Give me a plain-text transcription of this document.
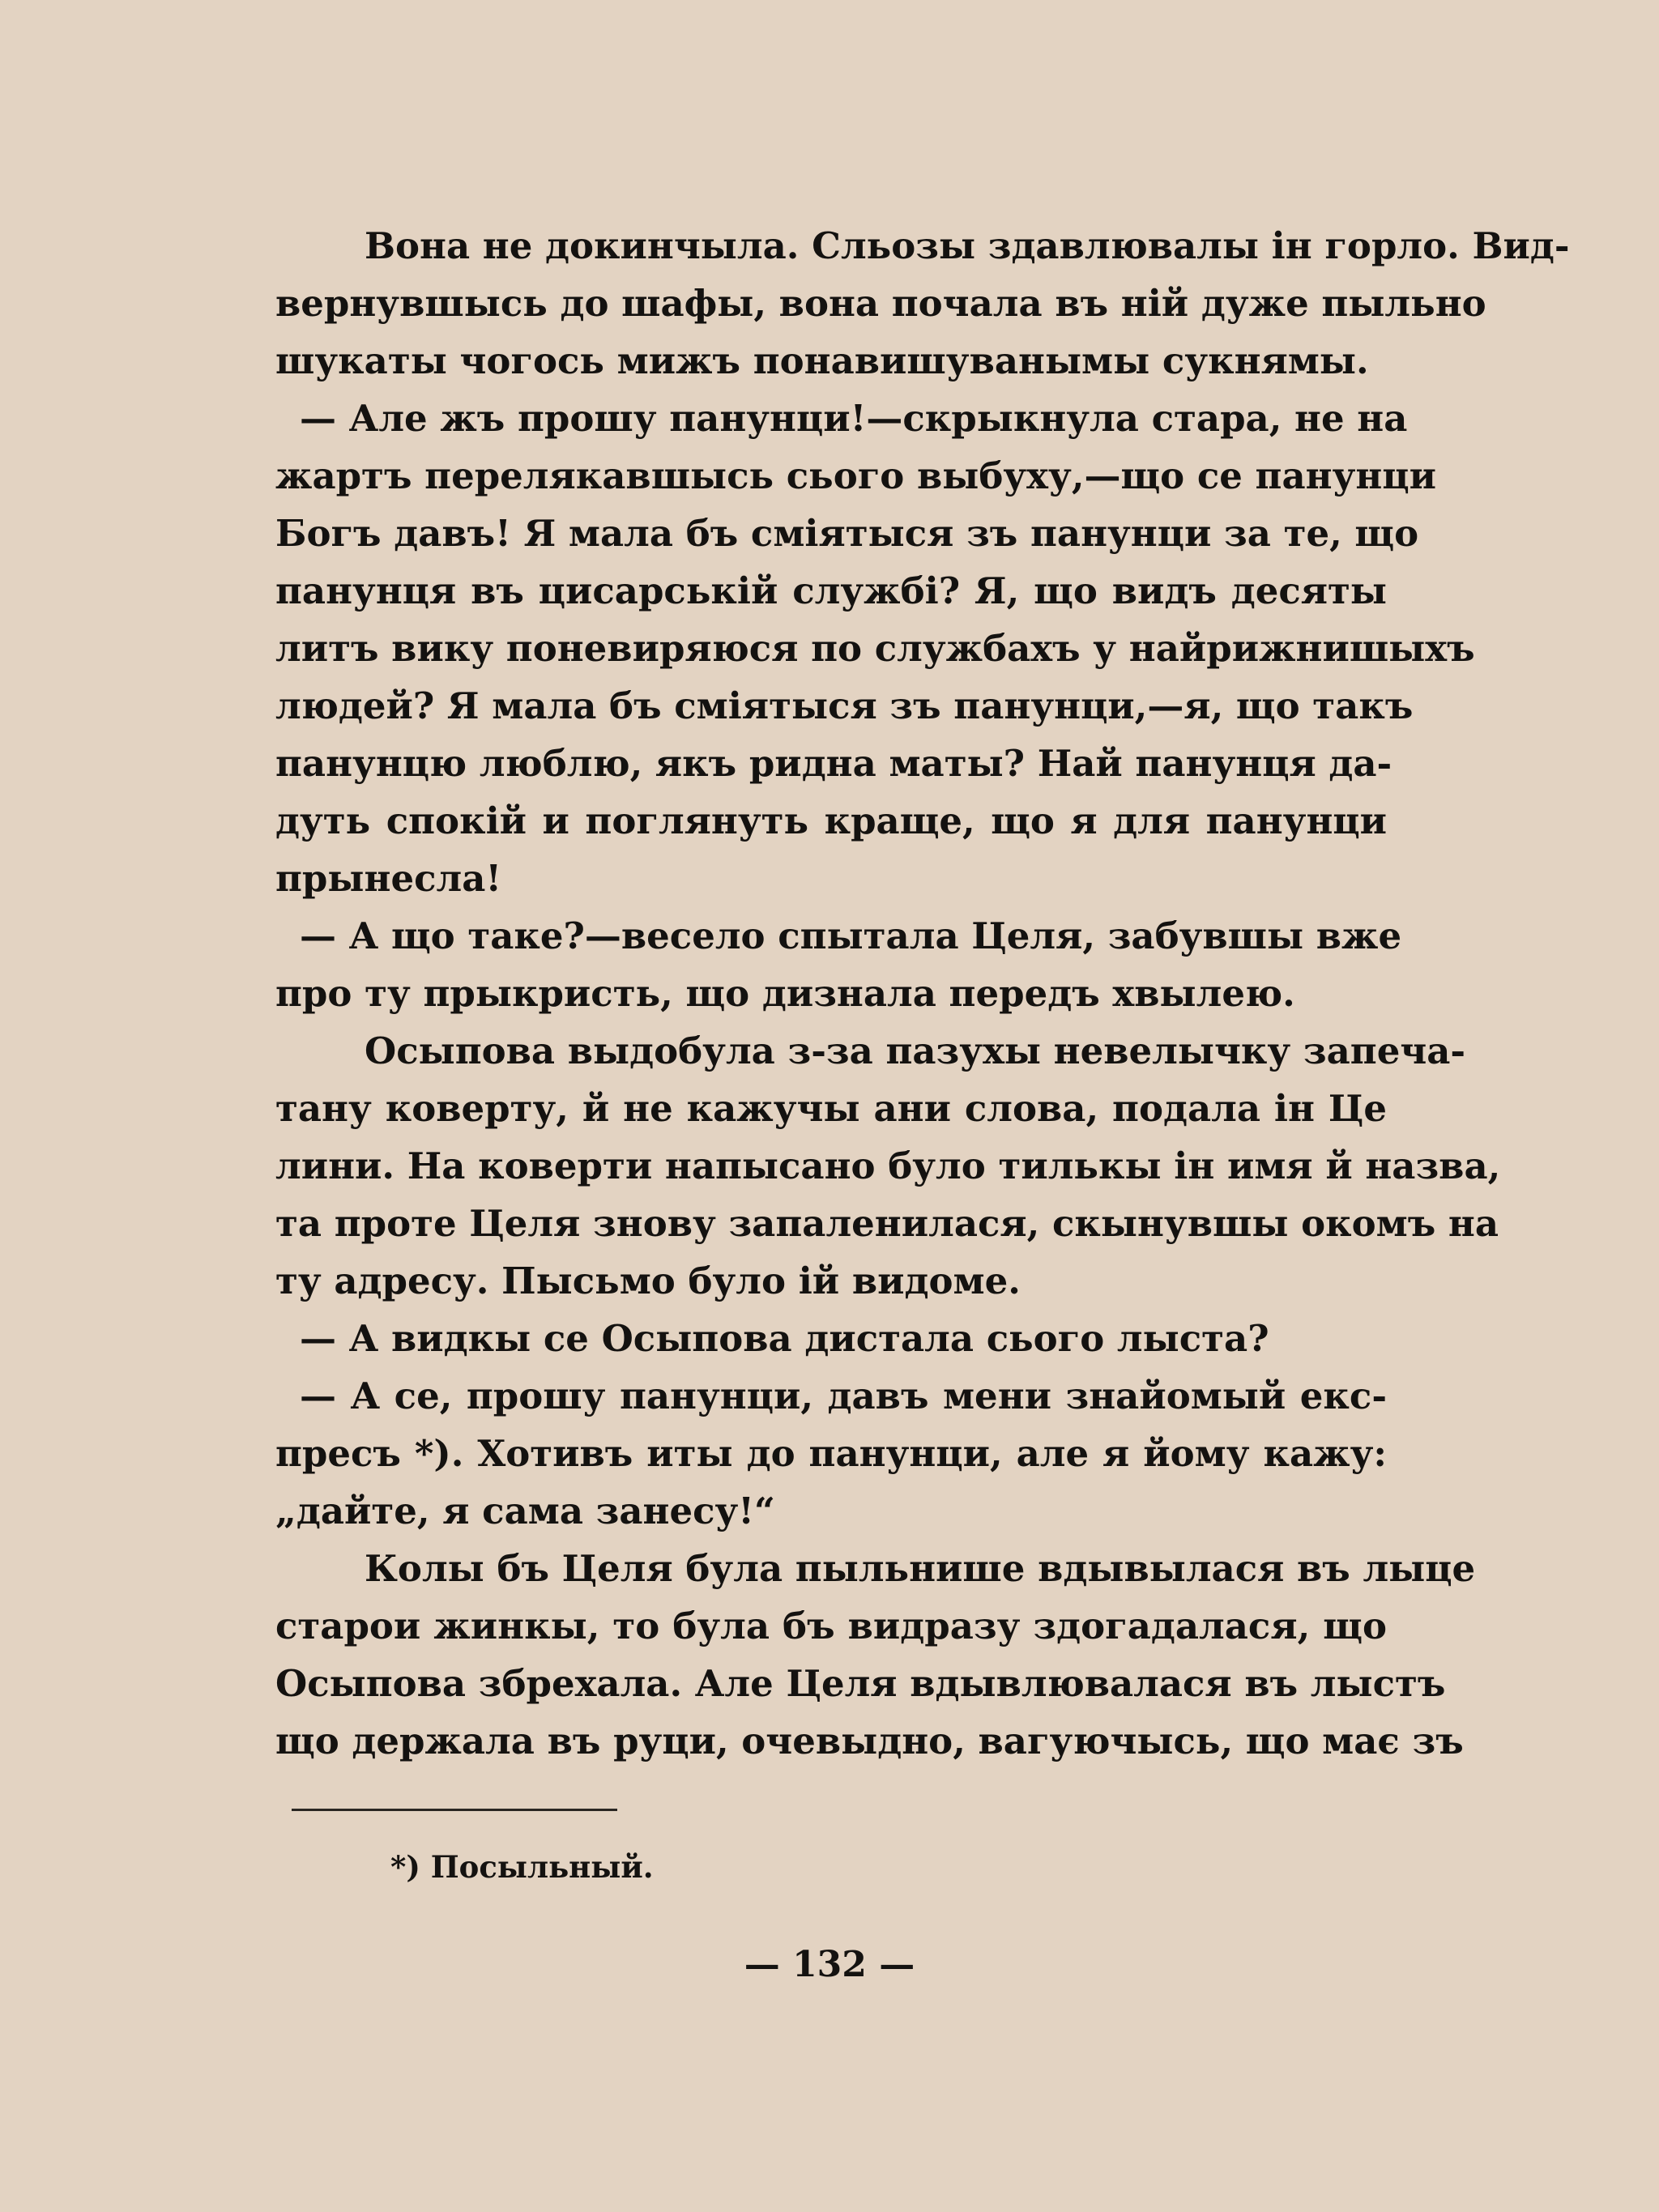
Вона не докинчыла. Сльозы здавлювалы ін горло. Вид-
вернувшысь до шафы, вона почала въ ній дуже пыльно
шукаты чогось мижъ понавишуванымы сукнямы.
— Але жъ прошу панунци!—скрыкнула стара, не на
жартъ перелякавшысь сього выбуху,—що се панунци
Богъ давъ! Я мала бъ сміятыся зъ панунци за те, що
панунця въ цисарській службі? Я, що видъ десяты
литъ вику поневиряюся по службахъ у найрижнишыхъ
людей? Я мала бъ сміятыся зъ панунци,—я, що такъ
панунцю люблю, якъ ридна маты? Най панунця да-
дуть спокій и поглянуть краще, що я для панунци
прынесла!
— А що таке?—весело спытала Целя, забувшы вже
про ту прыкристь, що дизнала передъ хвылею.
Осыпова выдобула з-за пазухы невелычку запеча-
тану коверту, й не кажучы ани слова, подала ін Це
лини. На коверти напысано було тилькы ін имя й назва,
та проте Целя знову запаленилася, скынувшы окомъ на
ту адресу. Пысьмо було ій видоме.
— А видкы се Осыпова дистала сього лыста?
— А се, прошу панунци, давъ мени знайомый екс-
пресъ *). Хотивъ иты до панунци, але я йому кажу:
„дайте, я сама занесу!“
Колы бъ Целя була пыльнише вдывылася въ лыце
старои жинкы, то була бъ видразу здогадалася, що
Осыпова збрехала. Але Целя вдывлювалася въ лыстъ
що держала въ руци, очевыдно, вагуючысь, що має зъ
*) Посыльный.
— 132 —
